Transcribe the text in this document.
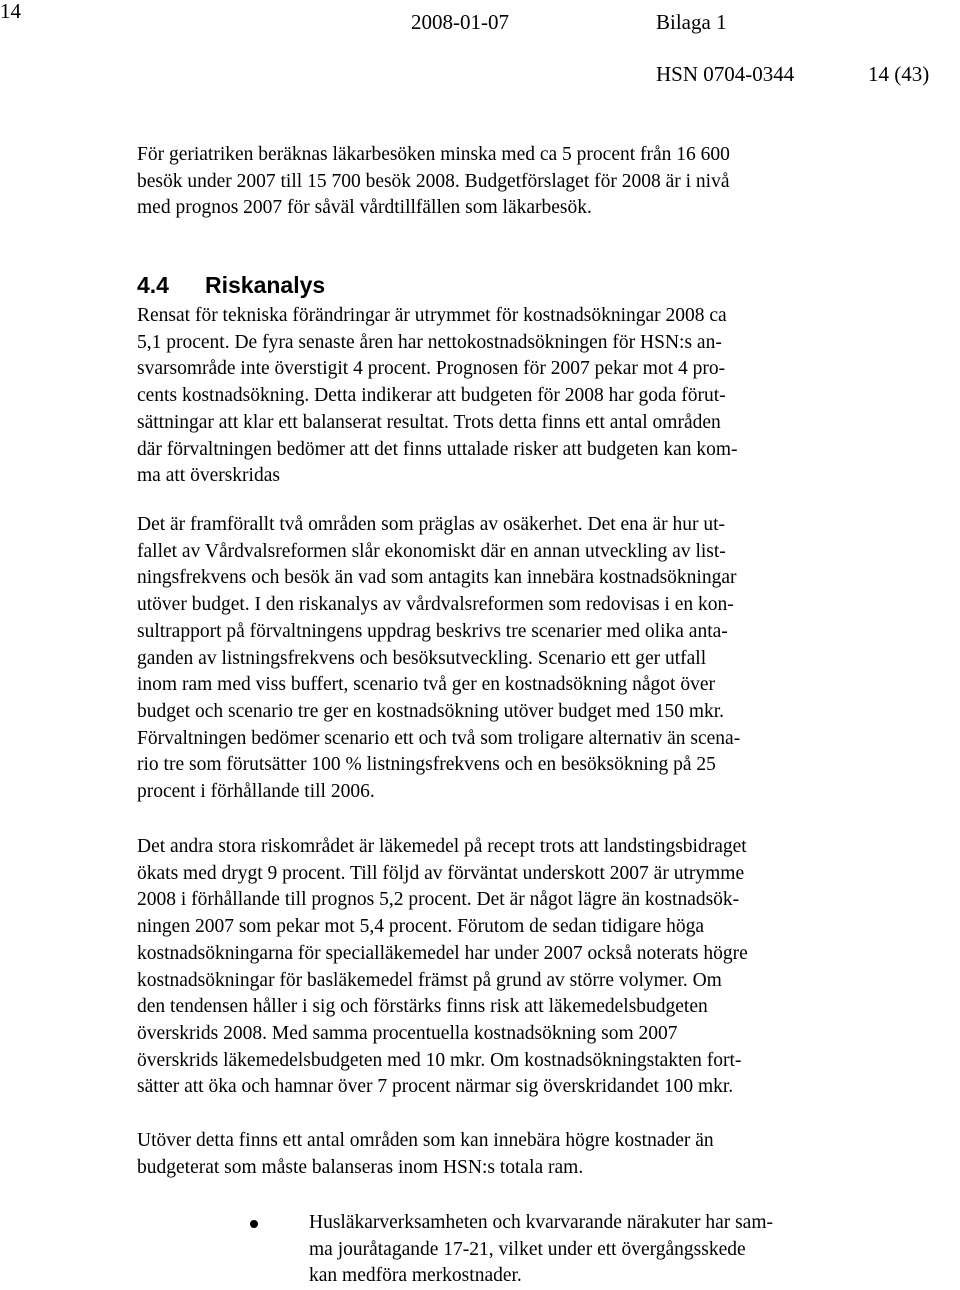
14	2008-01-07	Bilaga 1
HSN 0704-0344	14 (43)

För geriatriken beräknas läkarbesöken minska med ca 5 procent från 16 600
besök under 2007 till 15 700 besök 2008. Budgetförslaget för 2008 är i nivå
med prognos 2007 för såväl vårdtillfällen som läkarbesök.

4.4 Riskanalys

Rensat för tekniska förändringar är utrymmet för kostnadsökningar 2008 ca
5,1 procent. De fyra senaste åren har nettokostnadsökningen för HSN:s an-
svarsområde inte överstigit 4 procent. Prognosen för 2007 pekar mot 4 pro-
cents kostnadsökning. Detta indikerar att budgeten för 2008 har goda förut-
sättningar att klar ett balanserat resultat. Trots detta finns ett antal områden
där förvaltningen bedömer att det finns uttalade risker att budgeten kan kom-
ma att överskridas

Det är framförallt två områden som präglas av osäkerhet. Det ena är hur ut-
fallet av Vårdvalsreformen slår ekonomiskt där en annan utveckling av list-
ningsfrekvens och besök än vad som antagits kan innebära kostnadsökningar
utöver budget. I den riskanalys av vårdvalsreformen som redovisas i en kon-
sultrapport på förvaltningens uppdrag beskrivs tre scenarier med olika anta-
ganden av listningsfrekvens och besöksutveckling. Scenario ett ger utfall
inom ram med viss buffert, scenario två ger en kostnadsökning något över
budget och scenario tre ger en kostnadsökning utöver budget med 150 mkr.
Förvaltningen bedömer scenario ett och två som troligare alternativ än scena-
rio tre som förutsätter 100 % listningsfrekvens och en besöksökning på 25
procent i förhållande till 2006.

Det andra stora riskområdet är läkemedel på recept trots att landstingsbidraget
ökats med drygt 9 procent. Till följd av förväntat underskott 2007 är utrymme
2008 i förhållande till prognos 5,2 procent. Det är något lägre än kostnadsök-
ningen 2007 som pekar mot 5,4 procent. Förutom de sedan tidigare höga
kostnadsökningarna för specialläkemedel har under 2007 också noterats högre
kostnadsökningar för basläkemedel främst på grund av större volymer. Om
den tendensen håller i sig och förstärks finns risk att läkemedelsbudgeten
överskrids 2008. Med samma procentuella kostnadsökning som 2007
överskrids läkemedelsbudgeten med 10 mkr. Om kostnadsökningstakten fort-
sätter att öka och hamnar över 7 procent närmar sig överskridandet 100 mkr.

Utöver detta finns ett antal områden som kan innebära högre kostnader än
budgeterat som måste balanseras inom HSN:s totala ram.

Husläkarverksamheten och kvarvarande närakuter har sam-
ma jouråtagande 17-21, vilket under ett övergångsskede
kan medföra merkostnader.
